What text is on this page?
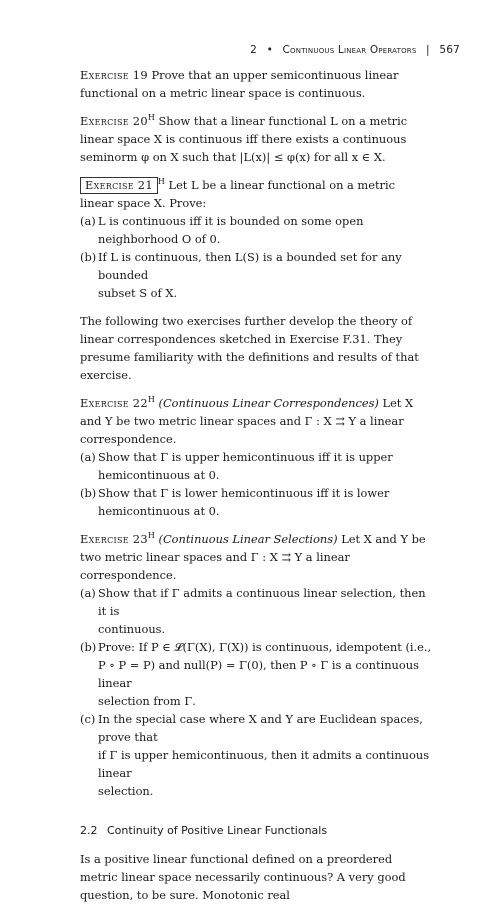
2 • Continuous Linear Operators | 567

Exercise 19 Prove that an upper semicontinuous linear functional on a metric linear space is continuous.

Exercise $20^H$ Show that a linear functional L on a metric linear space X is continuous iff there exists a continuous seminorm φ on X such that |L(x)| ≤ φ(x) for all x ∈ X.

Exercise 21 $^H$ Let L be a linear functional on a metric linear space X. Prove:

(a) L is continuous iff it is bounded on some open neighborhood O of 0.
(b) If L is continuous, then L(S) is a bounded set for any bounded
subset S of X.

The following two exercises further develop the theory of linear correspondences sketched in Exercise F.31. They presume familiarity with the definitions and results of that exercise.

Exercise $22^H$ (Continuous Linear Correspondences) Let X and Y be two metric linear spaces and Γ : X ⇉ Y a linear correspondence.

(a) Show that Γ is upper hemicontinuous iff it is upper
hemicontinuous at 0.
(b) Show that Γ is lower hemicontinuous iff it is lower
hemicontinuous at 0.

Exercise $23^H$ (Continuous Linear Selections) Let X and Y be two metric linear spaces and Γ : X ⇉ Y a linear correspondence.

(a) Show that if Γ admits a continuous linear selection, then it is
continuous.
(b) Prove: If P ∈ 𝓛(Γ(X), Γ(X)) is continuous, idempotent (i.e.,
P ∘ P = P) and null(P) = Γ(0), then P ∘ Γ is a continuous linear
selection from Γ.
(c) In the special case where X and Y are Euclidean spaces, prove that
if Γ is upper hemicontinuous, then it admits a continuous linear
selection.

2.2 Continuity of Positive Linear Functionals

Is a positive linear functional defined on a preordered metric linear space necessarily continuous? A very good question, to be sure. Monotonic real
